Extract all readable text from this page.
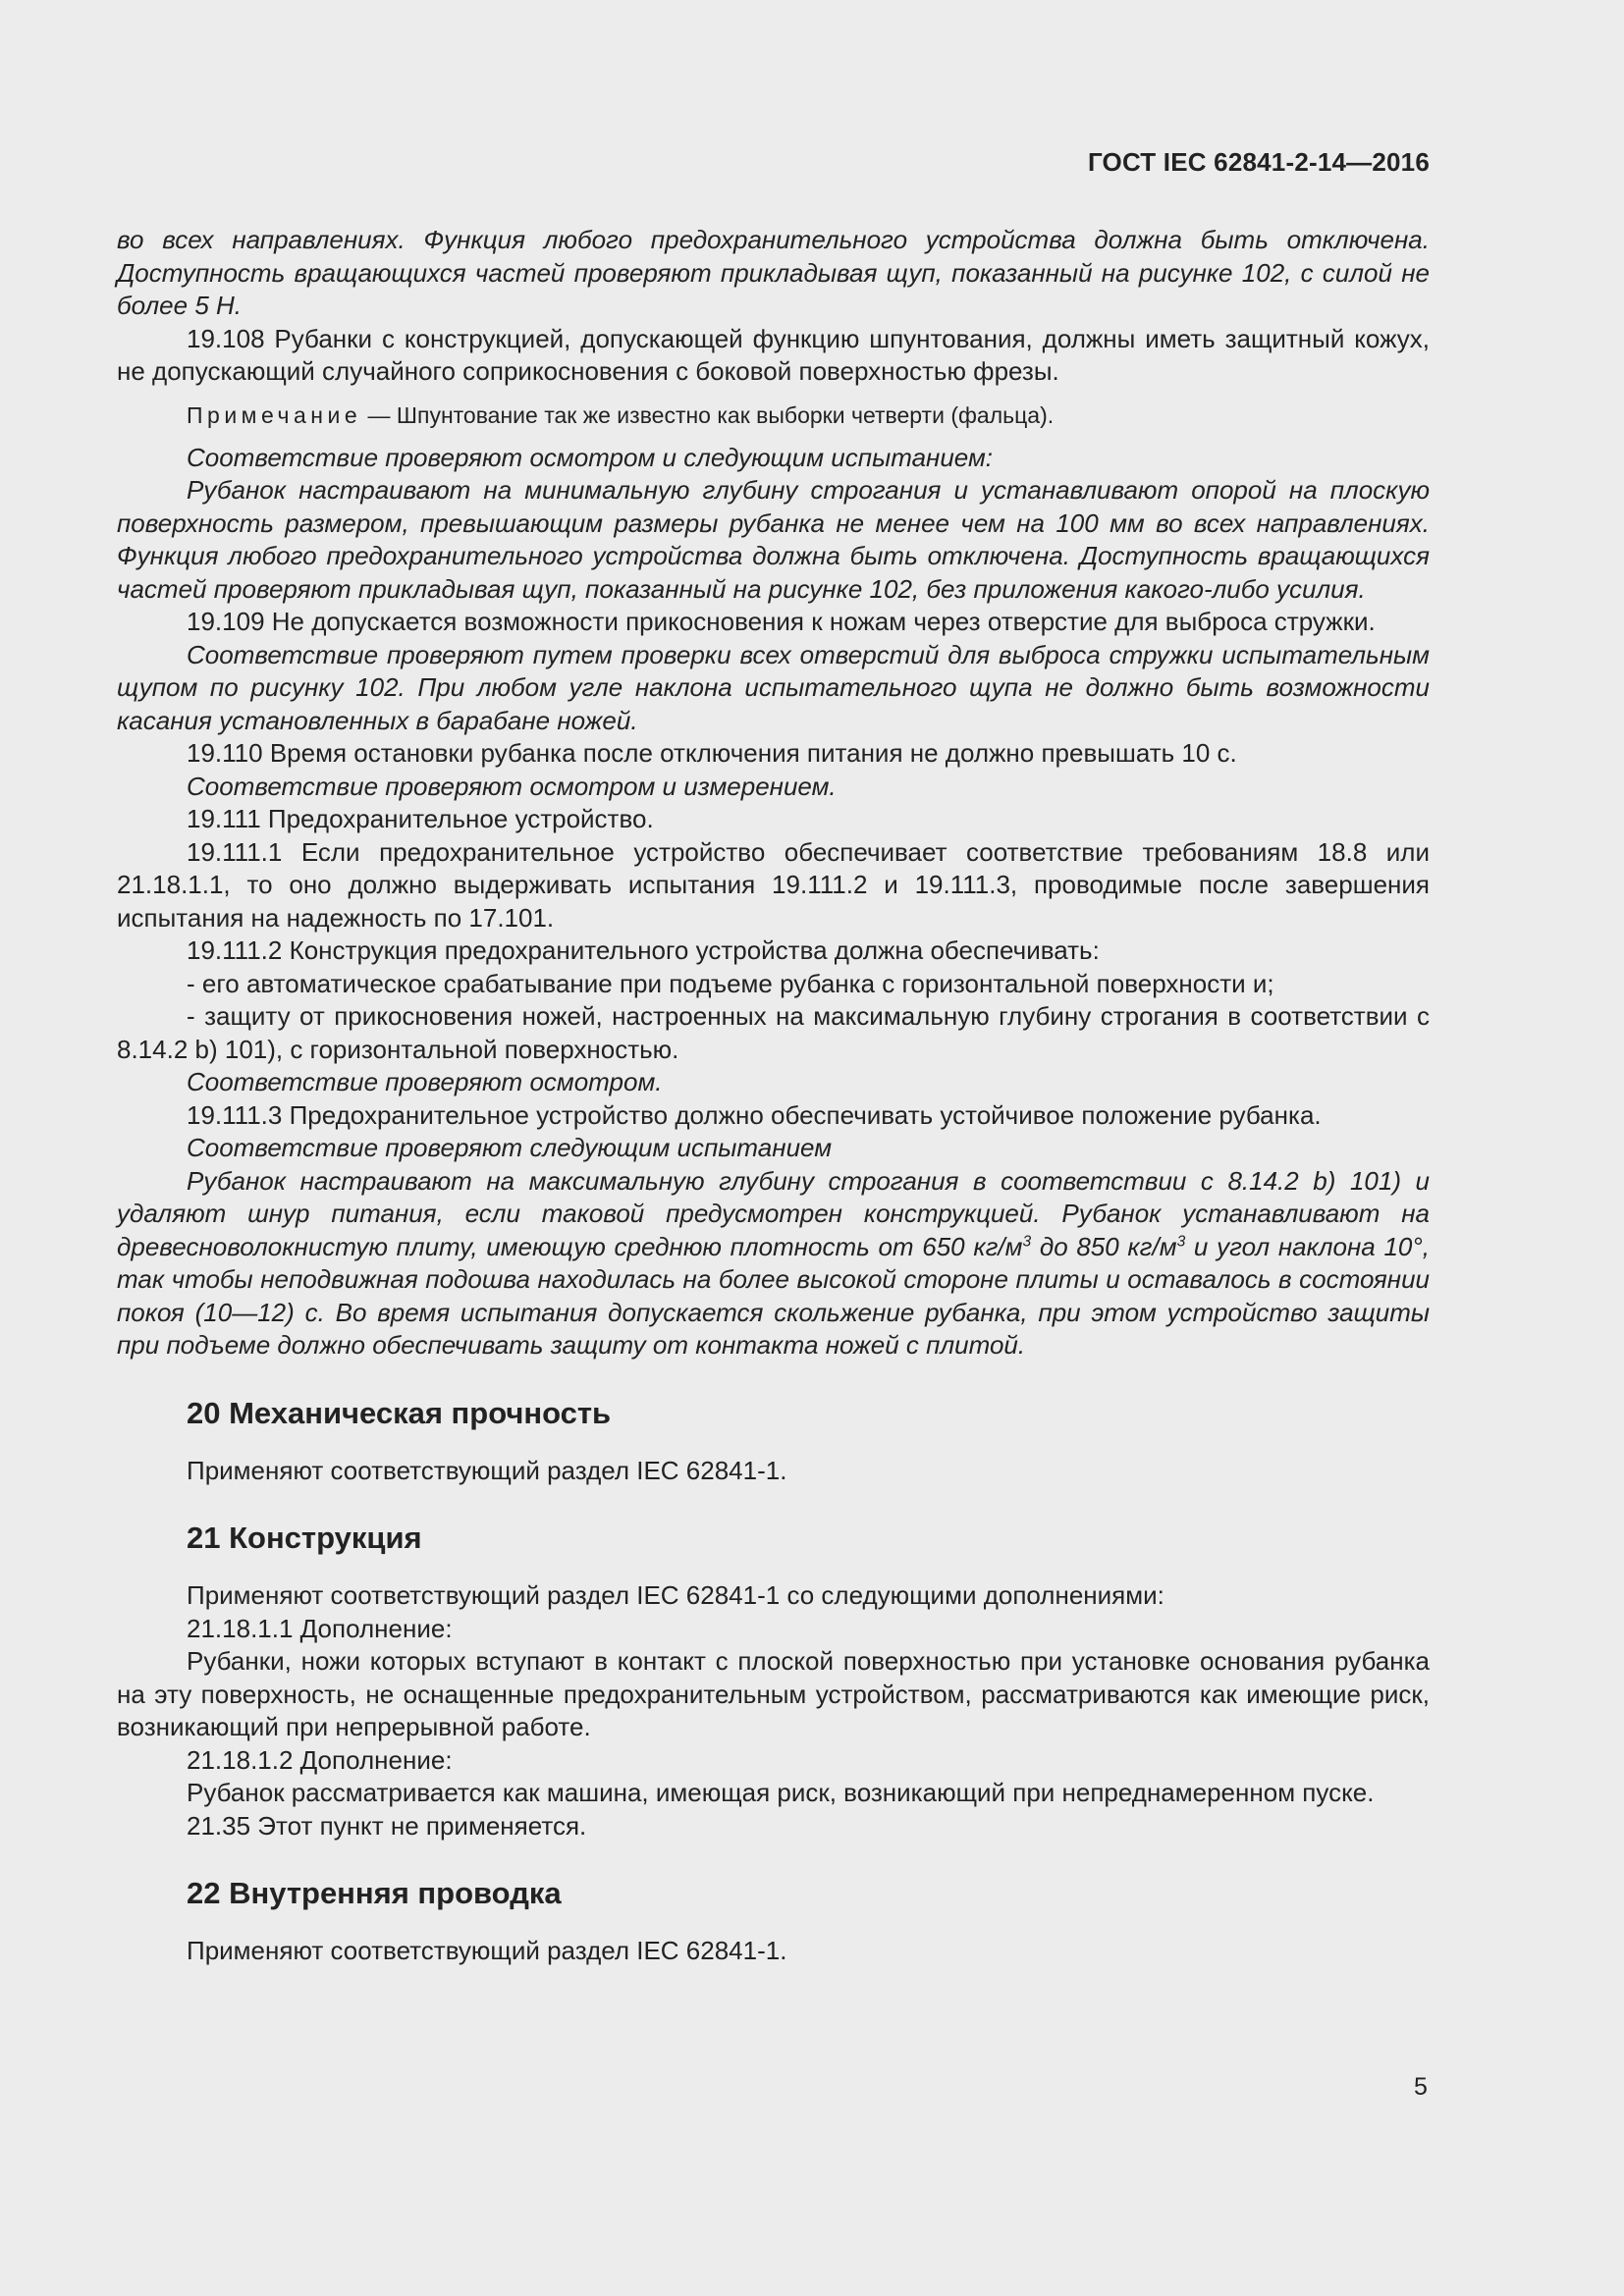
ГОСТ IEC 62841-2-14—2016

во всех направлениях. Функция любого предохранительного устройства должна быть отключена. Доступность вращающихся частей проверяют прикладывая щуп, показанный на рисунке 102, с силой не более 5 Н.

19.108 Рубанки с конструкцией, допускающей функцию шпунтования, должны иметь защитный кожух, не допускающий случайного соприкосновения с боковой поверхностью фрезы.

Примечание — Шпунтование так же известно как выборки четверти (фальца).

Соответствие проверяют осмотром и следующим испытанием:

Рубанок настраивают на минимальную глубину строгания и устанавливают опорой на плоскую поверхность размером, превышающим размеры рубанка не менее чем на 100 мм во всех направлениях. Функция любого предохранительного устройства должна быть отключена. Доступность вращающихся частей проверяют прикладывая щуп, показанный на рисунке 102, без приложения какого-либо усилия.

19.109 Не допускается возможности прикосновения к ножам через отверстие для выброса стружки.

Соответствие проверяют путем проверки всех отверстий для выброса стружки испытательным щупом по рисунку 102. При любом угле наклона испытательного щупа не должно быть возможности касания установленных в барабане ножей.

19.110 Время остановки рубанка после отключения питания не должно превышать 10 с.

Соответствие проверяют осмотром и измерением.

19.111 Предохранительное устройство.

19.111.1 Если предохранительное устройство обеспечивает соответствие требованиям 18.8 или 21.18.1.1, то оно должно выдерживать испытания 19.111.2 и 19.111.3, проводимые после завершения испытания на надежность по 17.101.

19.111.2 Конструкция предохранительного устройства должна обеспечивать:

- его автоматическое срабатывание при подъеме рубанка с горизонтальной поверхности и;

- защиту от прикосновения ножей, настроенных на максимальную глубину строгания в соответствии с 8.14.2 b) 101), с горизонтальной поверхностью.

Соответствие проверяют осмотром.

19.111.3 Предохранительное устройство должно обеспечивать устойчивое положение рубанка.

Соответствие проверяют следующим испытанием

Рубанок настраивают на максимальную глубину строгания в соответствии с 8.14.2 b) 101) и удаляют шнур питания, если таковой предусмотрен конструкцией. Рубанок устанавливают на древесноволокнистую плиту, имеющую среднюю плотность от 650 $кг/м^3$ до 850 $кг/м^3$ и угол наклона 10°, так чтобы неподвижная подошва находилась на более высокой стороне плиты и оставалось в состоянии покоя (10—12) с. Во время испытания допускается скольжение рубанка, при этом устройство защиты при подъеме должно обеспечивать защиту от контакта ножей с плитой.

20 Механическая прочность

Применяют соответствующий раздел IEC 62841-1.

21 Конструкция

Применяют соответствующий раздел IEC 62841-1 со следующими дополнениями:

21.18.1.1 Дополнение:

Рубанки, ножи которых вступают в контакт с плоской поверхностью при установке основания рубанка на эту поверхность, не оснащенные предохранительным устройством, рассматриваются как имеющие риск, возникающий при непрерывной работе.

21.18.1.2 Дополнение:

Рубанок рассматривается как машина, имеющая риск, возникающий при непреднамеренном пуске.

21.35 Этот пункт не применяется.

22 Внутренняя проводка

Применяют соответствующий раздел IEC 62841-1.

5
